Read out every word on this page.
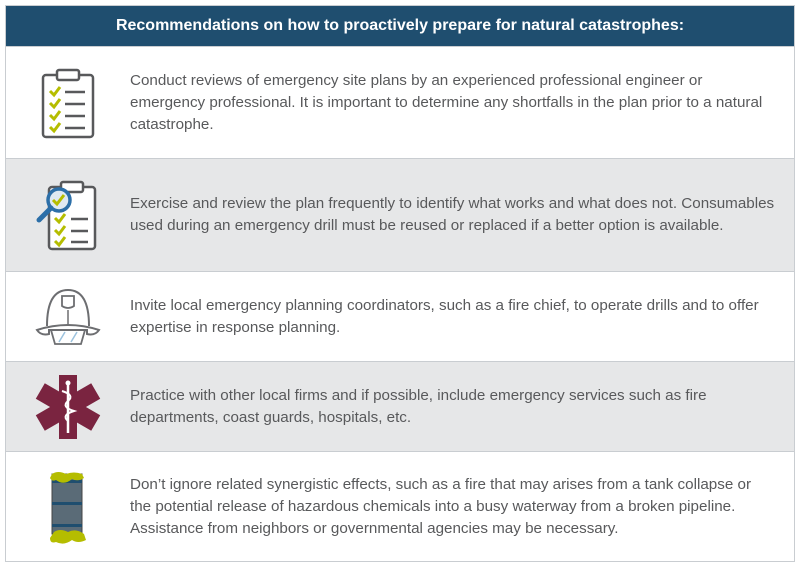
Recommendations on how to proactively prepare for natural catastrophes:
Conduct reviews of emergency site plans by an experienced professional engineer or emergency professional. It is important to determine any shortfalls in the plan prior to a natural catastrophe.
Exercise and review the plan frequently to identify what works and what does not. Consumables used during an emergency drill must be reused or replaced if a better option is available.
Invite local emergency planning coordinators, such as a fire chief, to operate drills and to offer expertise in response planning.
Practice with other local firms and if possible, include emergency services such as fire departments, coast guards, hospitals, etc.
Don’t ignore related synergistic effects, such as a fire that may arises from a tank collapse or the potential release of hazardous chemicals into a busy waterway from a broken pipeline. Assistance from neighbors or governmental agencies may be necessary.
